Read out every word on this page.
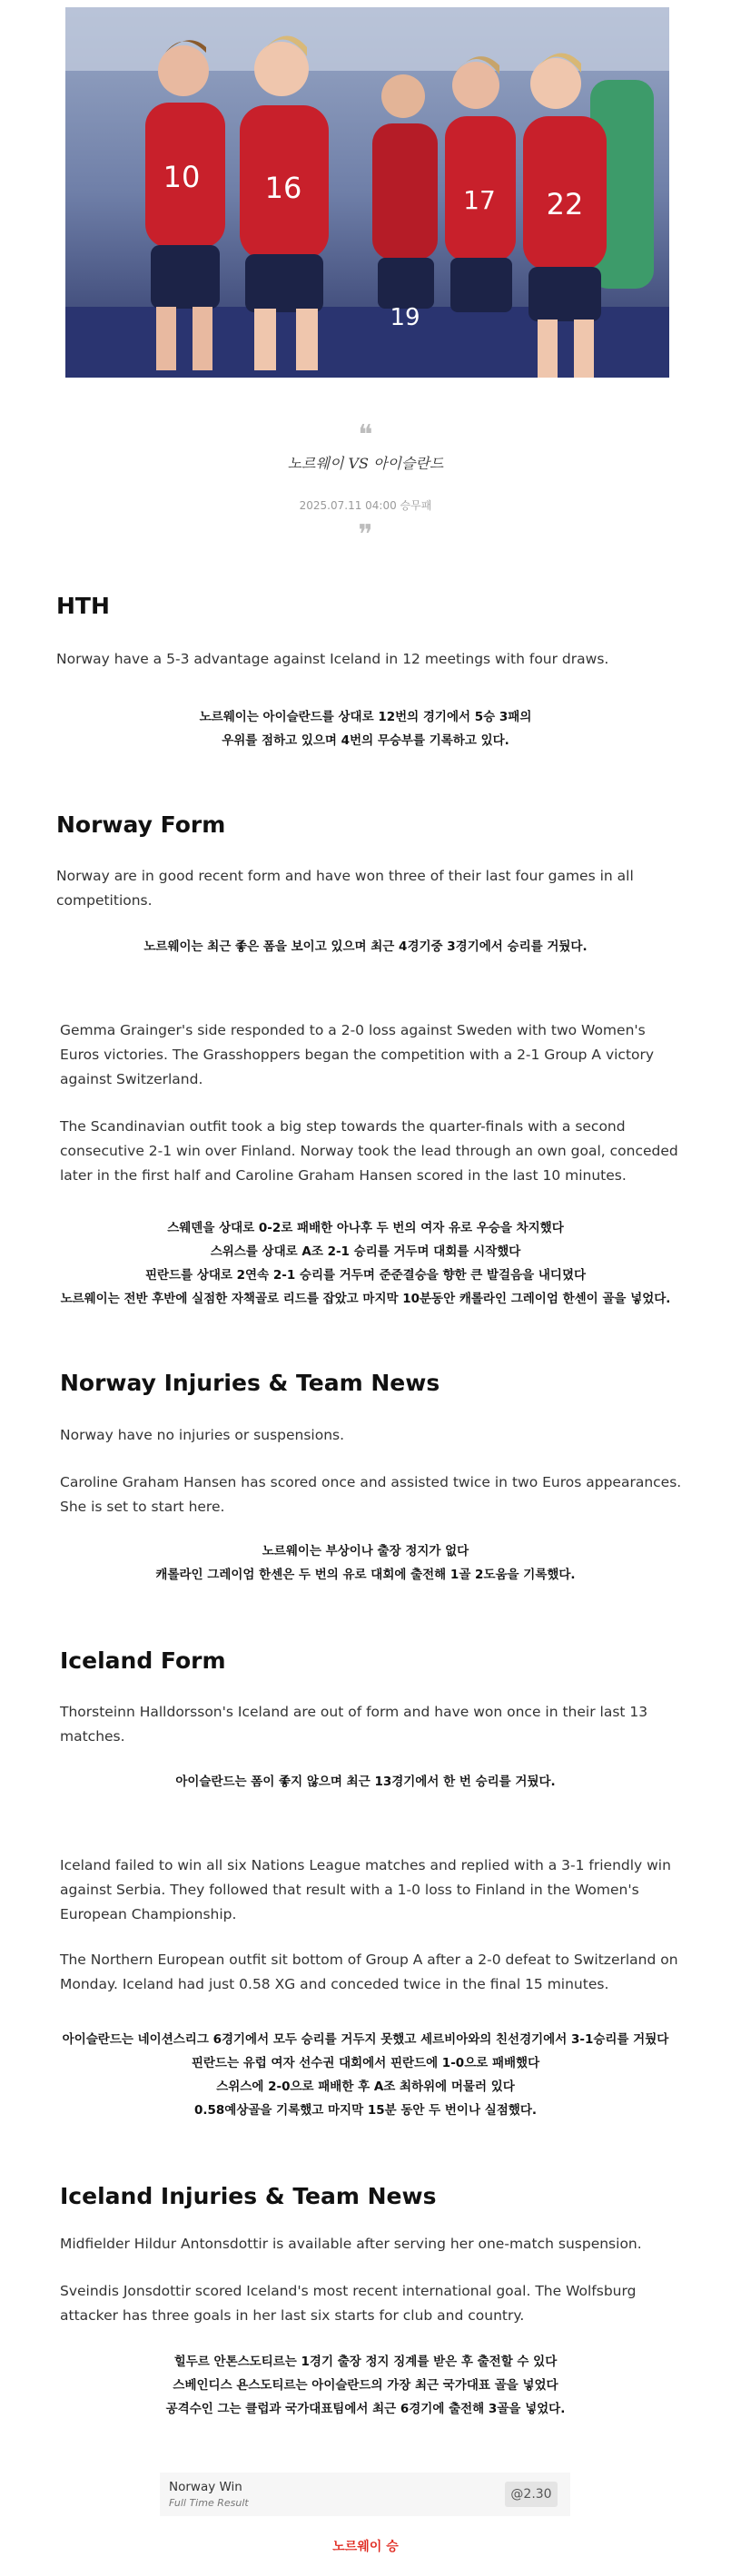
10 16
19
17 22
❝
노르웨이 VS 아이슬란드
2025.07.11 04:00 승무패
❞
HTH

Norway have a 5-3 advantage against Iceland in 12 meetings with four draws.

노르웨이는 아이슬란드를 상대로 12번의 경기에서 5승 3패의
우위를 점하고 있으며 4번의 무승부를 기록하고 있다.
Norway Form

Norway are in good recent form and have won three of their last four games in all competitions.

노르웨이는 최근 좋은 폼을 보이고 있으며 최근 4경기중 3경기에서 승리를 거뒀다.

Gemma Grainger's side responded to a 2-0 loss against Sweden with two Women's Euros victories. The Grasshoppers began the competition with a 2-1 Group A victory against Switzerland.

The Scandinavian outfit took a big step towards the quarter-finals with a second consecutive 2-1 win over Finland. Norway took the lead through an own goal, conceded later in the first half and Caroline Graham Hansen scored in the last 10 minutes.

스웨덴을 상대로 0-2로 패배한 아나후 두 번의 여자 유로 우승을 차지했다
스위스를 상대로 A조 2-1 승리를 거두며 대회를 시작했다
핀란드를 상대로 2연속 2-1 승리를 거두며 준준결승을 향한 큰 발걸음을 내디뎠다
노르웨이는 전반 후반에 실점한 자책골로 리드를 잡았고 마지막 10분동안 캐롤라인 그레이엄 한센이 골을 넣었다.
Norway Injuries & Team News

Norway have no injuries or suspensions.

Caroline Graham Hansen has scored once and assisted twice in two Euros appearances. She is set to start here.

노르웨이는 부상이나 출장 정지가 없다
캐롤라인 그레이엄 한센은 두 번의 유로 대회에 출전해 1골 2도움을 기록했다.
Iceland Form

Thorsteinn Halldorsson's Iceland are out of form and have won once in their last 13 matches.

아이슬란드는 폼이 좋지 않으며 최근 13경기에서 한 번 승리를 거뒀다.

Iceland failed to win all six Nations League matches and replied with a 3-1 friendly win against Serbia. They followed that result with a 1-0 loss to Finland in the Women's European Championship.

The Northern European outfit sit bottom of Group A after a 2-0 defeat to Switzerland on Monday. Iceland had just 0.58 XG and conceded twice in the final 15 minutes.

아이슬란드는 네이션스리그 6경기에서 모두 승리를 거두지 못했고 세르비아와의 친선경기에서 3-1승리를 거뒀다
핀란드는 유럽 여자 선수권 대회에서 핀란드에 1-0으로 패배했다
스위스에 2-0으로 패배한 후 A조 최하위에 머물러 있다
0.58예상골을 기록했고 마지막 15분 동안 두 번이나 실점했다.
Iceland Injuries & Team News

Midfielder Hildur Antonsdottir is available after serving her one-match suspension.

Sveindis Jonsdottir scored Iceland's most recent international goal. The Wolfsburg attacker has three goals in her last six starts for club and country.

힐두르 안톤스도티르는 1경기 출장 정지 징계를 받은 후 출전할 수 있다
스베인디스 욘스도티르는 아이슬란드의 가장 최근 국가대표 골을 넣었다
공격수인 그는 클럽과 국가대표팀에서 최근 6경기에 출전해 3골을 넣었다.
Norway Win
Full Time Result
@2.30
노르웨이 승
